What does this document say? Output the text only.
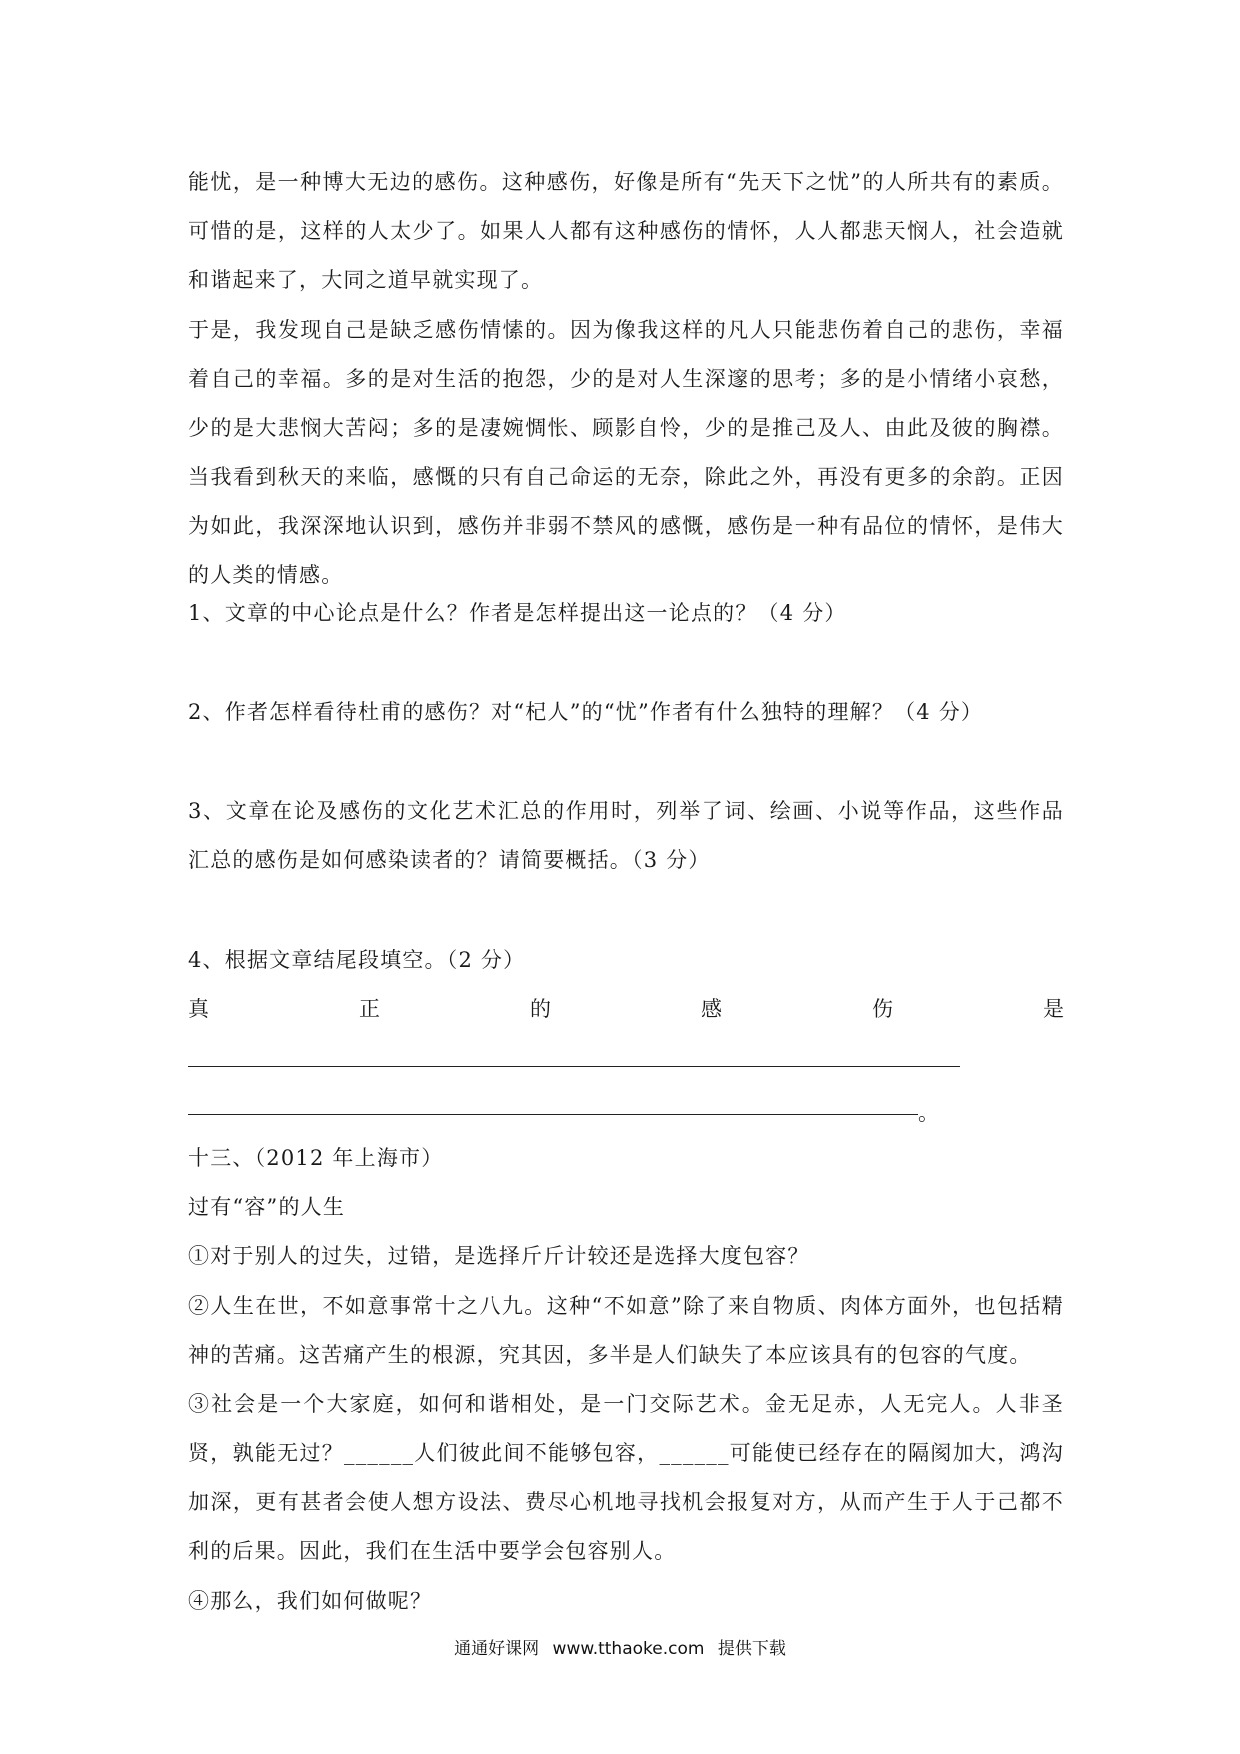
能忧，是一种博大无边的感伤。这种感伤，好像是所有“先天下之忧”的人所共有的素质。可惜的是，这样的人太少了。如果人人都有这种感伤的情怀，人人都悲天悯人，社会造就和谐起来了，大同之道早就实现了。
于是，我发现自己是缺乏感伤情愫的。因为像我这样的凡人只能悲伤着自己的悲伤，幸福着自己的幸福。多的是对生活的抱怨，少的是对人生深邃的思考；多的是小情绪小哀愁，少的是大悲悯大苦闷；多的是凄婉惆怅、顾影自怜，少的是推己及人、由此及彼的胸襟。当我看到秋天的来临，感慨的只有自己命运的无奈，除此之外，再没有更多的余韵。正因为如此，我深深地认识到，感伤并非弱不禁风的感慨，感伤是一种有品位的情怀，是伟大的人类的情感。
1、文章的中心论点是什么？作者是怎样提出这一论点的？（4 分）
2、作者怎样看待杜甫的感伤？对“杞人”的“忧”作者有什么独特的理解？（4 分）
3、文章在论及感伤的文化艺术汇总的作用时，列举了词、绘画、小说等作品，这些作品汇总的感伤是如何感染读者的？请简要概括。（3 分）
4、根据文章结尾段填空。（2 分）
真	正	的	感	伤	是
。
十三、（2012 年上海市）
过有“容”的人生
①对于别人的过失，过错，是选择斤斤计较还是选择大度包容？
②人生在世，不如意事常十之八九。这种“不如意”除了来自物质、肉体方面外，也包括精神的苦痛。这苦痛产生的根源，究其因，多半是人们缺失了本应该具有的包容的气度。
③社会是一个大家庭，如何和谐相处，是一门交际艺术。金无足赤，人无完人。人非圣贤，孰能无过？______人们彼此间不能够包容，______可能使已经存在的隔阂加大，鸿沟加深，更有甚者会使人想方设法、费尽心机地寻找机会报复对方，从而产生于人于己都不利的后果。因此，我们在生活中要学会包容别人。
④那么，我们如何做呢？
通通好课网 www.tthaoke.com 提供下载
